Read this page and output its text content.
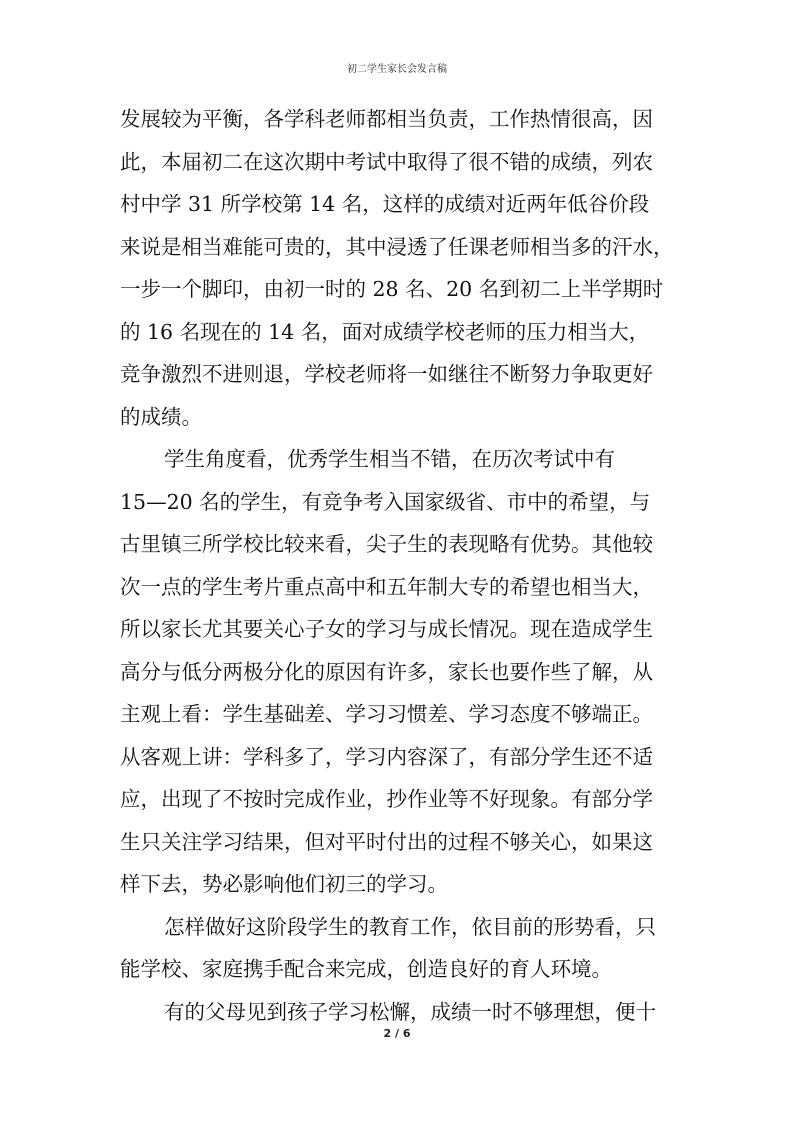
初二学生家长会发言稿
发展较为平衡，各学科老师都相当负责，工作热情很高，因
此，本届初二在这次期中考试中取得了很不错的成绩，列农
村中学 31 所学校第 14 名，这样的成绩对近两年低谷价段
来说是相当难能可贵的，其中浸透了任课老师相当多的汗水，
一步一个脚印，由初一时的 28 名、20 名到初二上半学期时
的 16 名现在的 14 名，面对成绩学校老师的压力相当大，
竞争激烈不进则退，学校老师将一如继往不断努力争取更好
的成绩。
学生角度看，优秀学生相当不错，在历次考试中有
15—20 名的学生，有竞争考入国家级省、市中的希望，与
古里镇三所学校比较来看，尖子生的表现略有优势。其他较
次一点的学生考片重点高中和五年制大专的希望也相当大，
所以家长尤其要关心子女的学习与成长情况。现在造成学生
高分与低分两极分化的原因有许多，家长也要作些了解，从
主观上看：学生基础差、学习习惯差、学习态度不够端正。
从客观上讲：学科多了，学习内容深了，有部分学生还不适
应，出现了不按时完成作业，抄作业等不好现象。有部分学
生只关注学习结果，但对平时付出的过程不够关心，如果这
样下去，势必影响他们初三的学习。
怎样做好这阶段学生的教育工作，依目前的形势看，只
能学校、家庭携手配合来完成，创造良好的育人环境。
有的父母见到孩子学习松懈，成绩一时不够理想，便十
2 / 6
